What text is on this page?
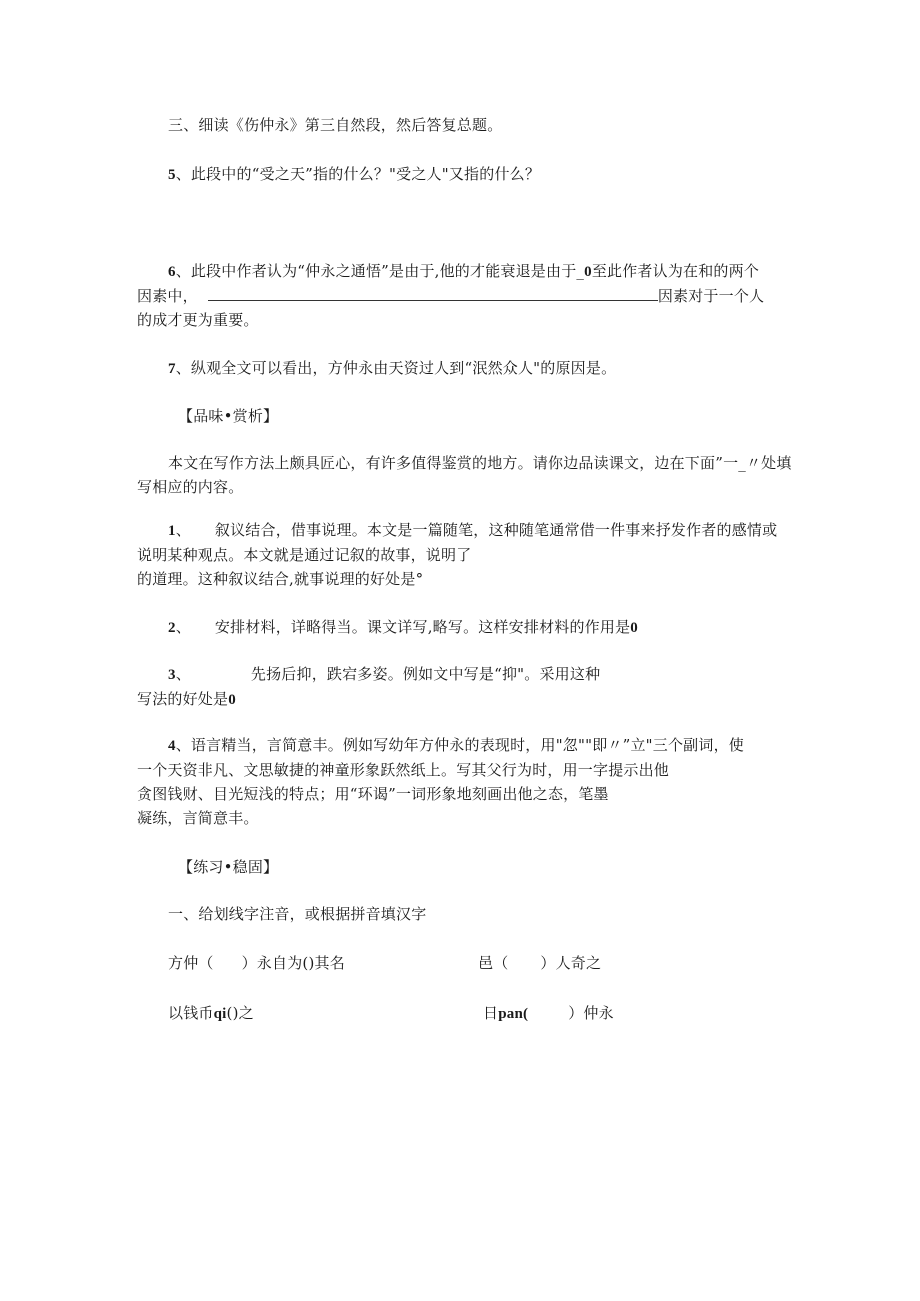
三、细读《伤仲永》第三自然段，然后答复总题。
5、此段中的“受之天”指的什么？"受之人"又指的什么？
6、此段中作者认为“仲永之通悟”是由于,他的才能衰退是由于_0至此作者认为在和的两个
因素中，	因素对于一个人
的成才更为重要。
7、纵观全文可以看出，方仲永由天资过人到“泯然众人"的原因是。
【品味•赏析】
本文在写作方法上颇具匠心，有许多值得鉴赏的地方。请你边品读课文，边在下面”一_〃处填
写相应的内容。
1、 叙议结合，借事说理。本文是一篇随笔，这种随笔通常借一件事来抒发作者的感情或
说明某种观点。本文就是通过记叙的故事，说明了
的道理。这种叙议结合,就事说理的好处是°
2、 安排材料，详略得当。课文详写,略写。这样安排材料的作用是0
3、	先扬后抑，跌宕多姿。例如文中写是“抑"。采用这种
写法的好处是0
4、语言精当，言简意丰。例如写幼年方仲永的表现时，用"忽""即〃”立"三个副词，使
一个天资非凡、文思敏捷的神童形象跃然纸上。写其父行为时，用一字提示出他
贪图钱财、目光短浅的特点；用“环谒”一词形象地刻画出他之态，笔墨
凝练，言简意丰。
【练习•稳固】
一、给划线字注音，或根据拼音填汉字
方仲（ ）永自为()其名	邑（ ）人奇之
以钱币qi()之	日pan(	）仲永
